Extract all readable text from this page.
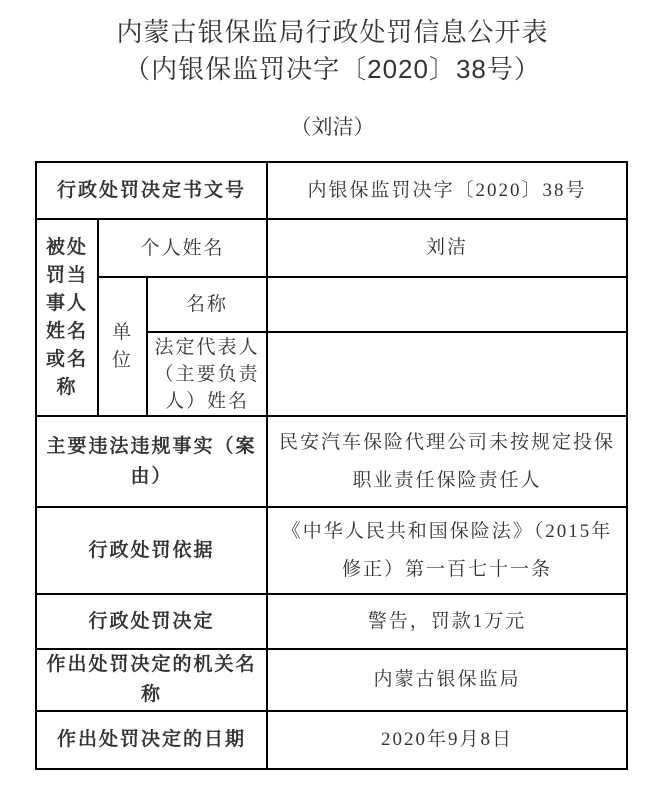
内蒙古银保监局行政处罚信息公开表
（内银保监罚决字〔2020〕38号）
（刘洁）
行政处罚决定书文号			内银保监罚决字〔2020〕38号
被处罚当事人姓名或名称	个人姓名		刘洁
	单位	名称	
		法定代表人（主要负责人）姓名	
主要违法违规事实（案由）			民安汽车保险代理公司未按规定投保职业责任保险责任人
行政处罚依据			《中华人民共和国保险法》（2015年修正）第一百七十一条
行政处罚决定			警告，罚款1万元
作出处罚决定的机关名称			内蒙古银保监局
作出处罚决定的日期			2020年9月8日
